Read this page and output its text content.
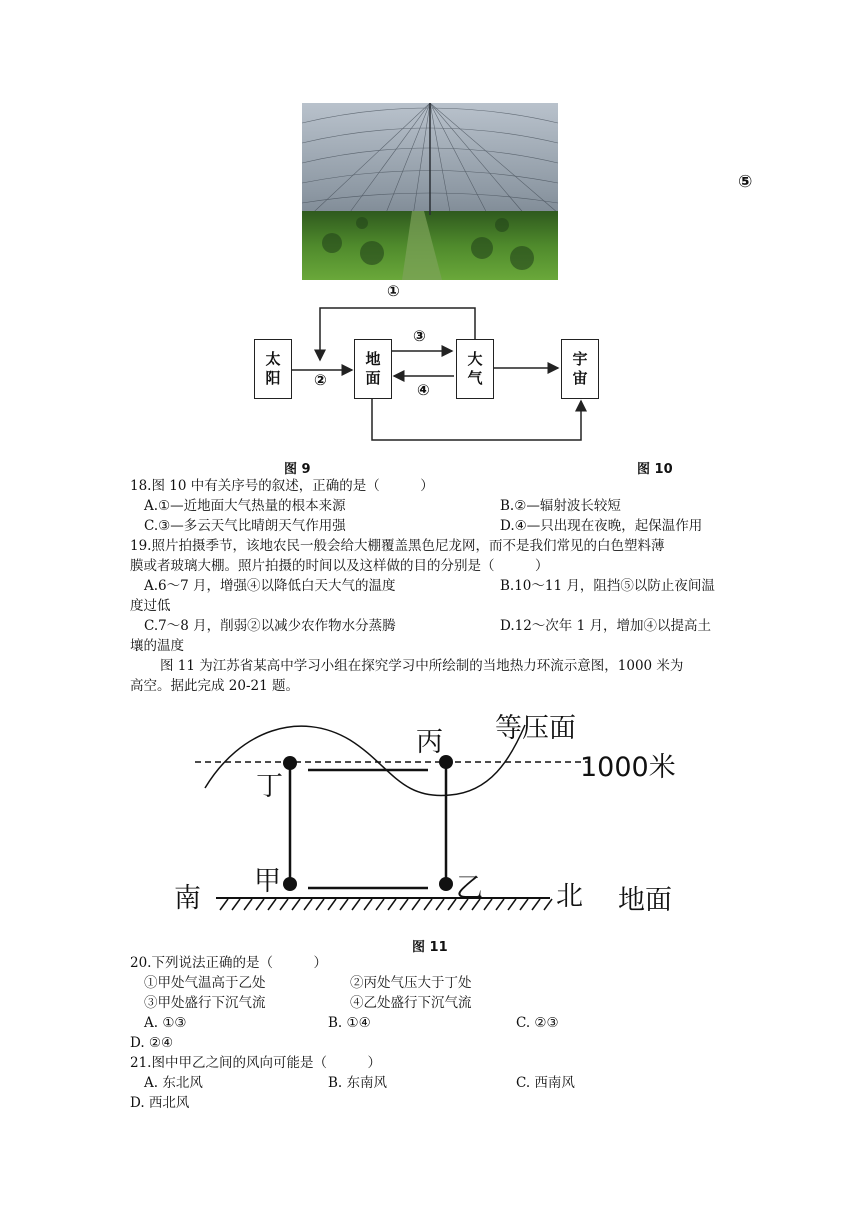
⑤
太
阳
地
面
大
气
宇
宙
①
②
③
④
图 9	图 10
18.图 10 中有关序号的叙述，正确的是（　　　）
A.①—近地面大气热量的根本来源	B.②—辐射波长较短
C.③—多云天气比晴朗天气作用强	D.④—只出现在夜晚，起保温作用
19.照片拍摄季节，该地农民一般会给大棚覆盖黑色尼龙网，而不是我们常见的白色塑料薄
膜或者玻璃大棚。照片拍摄的时间以及这样做的目的分别是（　　　）
A.6～7 月，增强④以降低白天大气的温度	B.10～11 月，阻挡⑤以防止夜间温
度过低
C.7～8 月，削弱②以减少农作物水分蒸腾	D.12～次年 1 月，增加④以提高土
壤的温度
图 11 为江苏省某高中学习小组在探究学习中所绘制的当地热力环流示意图，1000 米为
高空。据此完成 20-21 题。
等压面
1000米
丙
丁
甲	乙
南	北 地面
图 11
20.下列说法正确的是（　　　）
①甲处气温高于乙处	②丙处气压大于丁处
③甲处盛行下沉气流	④乙处盛行下沉气流
A. ①③	B. ①④	C. ②③
D. ②④
21.图中甲乙之间的风向可能是（　　　）
A. 东北风	B. 东南风	C. 西南风
D. 西北风
